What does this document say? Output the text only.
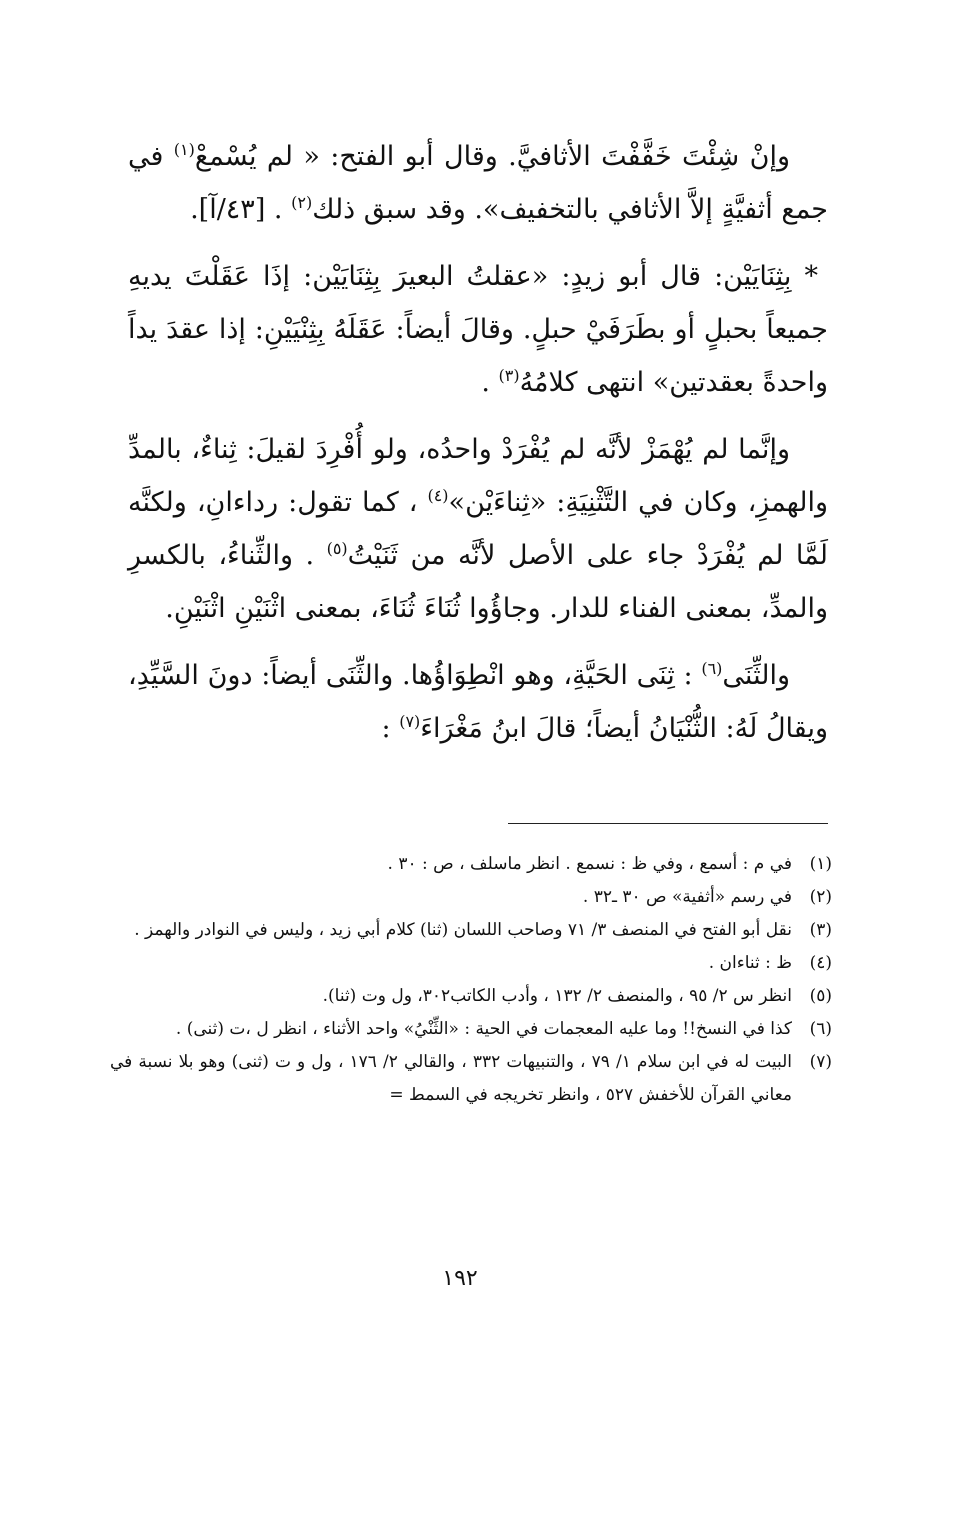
وإنْ شِئْتَ خَفَّفْتَ الأثافيَّ. وقال أبو الفتح: « لم يُسْمعْ$^{(١)}$ في جمع أثفيَّةٍ إلاَّ الأثافي بالتخفيف». وقد سبق ذلك$^{(٢)}$ . [٤٣/آ].

* بِثِنَايَيْن: قال أبو زيدٍ: «عقلتُ البعيرَ بِثِنَايَيْن: إذَا عَقَلْتَ يديهِ جميعاً بحبلٍ أو بطَرَفَيْ حبلٍ. وقالَ أيضاً: عَقَلَهُ بِثِنْيَيْنِ: إذا عقدَ يداً واحدةً بعقدتين» انتهى كلامُهُ$^{(٣)}$ .

وإنَّما لم يُهْمَزْ لأنَّه لم يُفْرَدْ واحدُه، ولو أُفْرِدَ لقيلَ: ثِناءٌ، بالمدِّ والهمزِ، وكان في التَّثْنِيَةِ: «ثِناءَيْن»$^{(٤)}$ ، كما تقول: رداءانِ، ولكنَّه لَمَّا لم يُفْرَدْ جاء على الأصل لأنَّه من ثَنَيْتُ$^{(٥)}$ . والثِّناءُ، بالكسرِ والمدِّ، بمعنى الفناء للدار. وجاؤُوا ثُنَاءَ ثُنَاءَ، بمعنى اثْنَيْنِ اثْنَيْنِ.

والثِّنَى$^{(٦)}$ : ثِنَى الحَيَّةِ، وهو انْطِوَاؤُها. والثِّنَى أيضاً: دونَ السَّيِّدِ، ويقالُ لَهُ: الثُّنْيَانُ أيضاً؛ قالَ ابنُ مَغْرَاءَ$^{(٧)}$ :

(١)
في م : أسمع ، وفي ظ : نسمع . انظر ماسلف ، ص : ٣٠ .
(٢)
في رسم «أثفية» ص ٣٠ ـ٣٢ .
(٣)
نقل أبو الفتح في المنصف ٣/ ٧١ وصاحب اللسان (ثنا) كلام أبي زيد ، وليس في النوادر والهمز .
(٤)
ظ : ثناءان .
(٥)
انظر س ٢/ ٩٥ ، والمنصف ٢/ ١٣٢ ، وأدب الكاتب٣٠٢، ول وت (ثنا).
(٦)
كذا في النسخ!! وما عليه المعجمات في الحية : «الثِّنْيُ» واحد الأثناء ، انظر ل ،ت (ثنى) .
(٧)
البيت له في ابن سلام ١/ ٧٩ ، والتنبيهات ٣٣٢ ، والقالي ٢/ ١٧٦ ، ول و ت (ثنى) وهو بلا نسبة في معاني القرآن للأخفش ٥٢٧ ، وانظر تخريجه في السمط =
١٩٢
